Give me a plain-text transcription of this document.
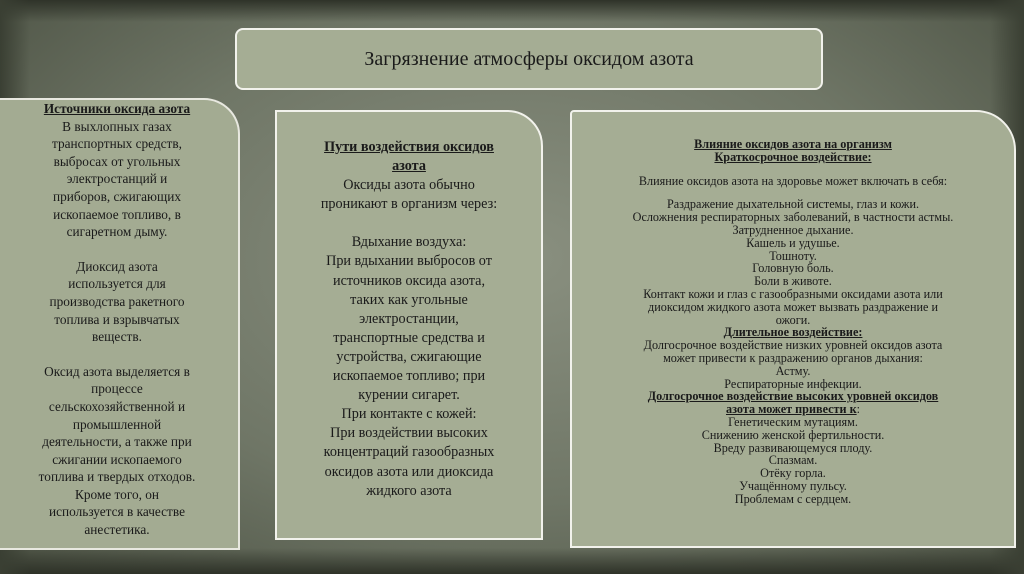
Загрязнение атмосферы оксидом азота
Источники оксида азота
В выхлопных газах
транспортных средств,
выбросах от угольных
электростанций и
приборов, сжигающих
ископаемое топливо, в
сигаретном дыму.
Диоксид азота
используется для
производства ракетного
топлива и взрывчатых
веществ.
Оксид азота выделяется в
процессе
сельскохозяйственной и
промышленной
деятельности, а также при
сжигании ископаемого
топлива и твердых отходов.
Кроме того, он
используется в качестве
анестетика.
Пути воздействия оксидов
азота
Оксиды азота обычно
проникают в организм через:
Вдыхание воздуха:
При вдыхании выбросов от
источников оксида азота,
таких как угольные
электростанции,
транспортные средства и
устройства, сжигающие
ископаемое топливо; при
курении сигарет.
При контакте с кожей:
При воздействии высоких
концентраций газообразных
оксидов азота или диоксида
жидкого азота
Влияние оксидов азота на организм
Краткосрочное воздействие:
Влияние оксидов азота на здоровье может включать в себя:
Раздражение дыхательной системы, глаз и кожи.
Осложнения респираторных заболеваний, в частности астмы.
Затрудненное дыхание.
Кашель и удушье.
Тошноту.
Головную боль.
Боли в животе.
Контакт кожи и глаз с газообразными оксидами азота или
диоксидом жидкого азота может вызвать раздражение и
ожоги.
Длительное воздействие:
Долгосрочное воздействие низких уровней оксидов азота
может привести к раздражению органов дыхания:
Астму.
Респираторные инфекции.
Долгосрочное воздействие высоких уровней оксидов
азота может привести к:
Генетическим мутациям.
Снижению женской фертильности.
Вреду развивающемуся плоду.
Спазмам.
Отёку горла.
Учащённому пульсу.
Проблемам с сердцем.
